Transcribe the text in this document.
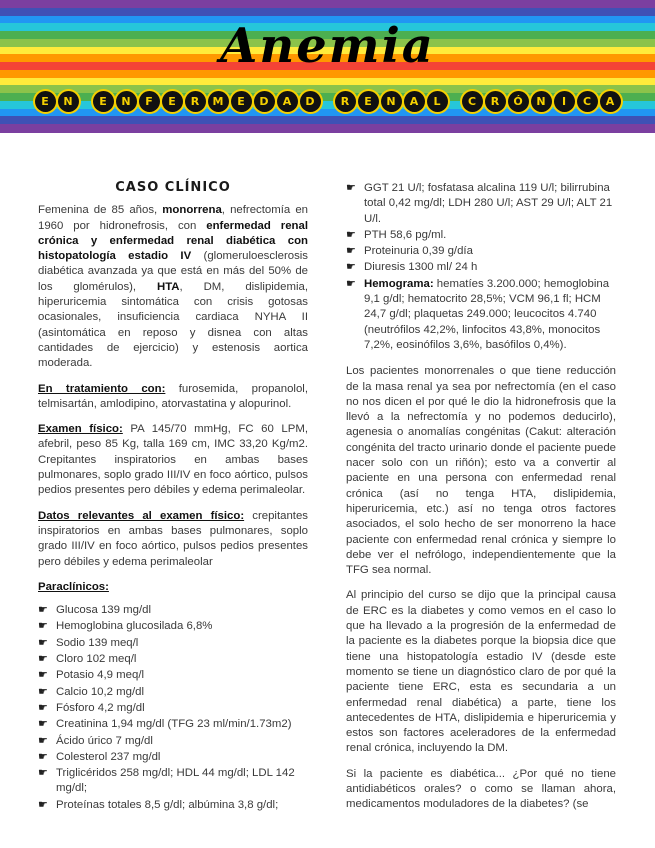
Anemia
E	N	E	N	F	E	R	M	E	D	A	D	R	E	N	A	L	C	R	Ó	N	I	C	A
CASO CLÍNICO

Femenina de 85 años, monorrena, nefrectomía en 1960 por hidronefrosis, con enfermedad renal crónica y enfermedad renal diabética con histopatología estadio IV (glomeruloesclerosis diabética avanzada ya que está en más del 50% de los glomérulos), HTA, DM, dislipidemia, hiperuricemia sintomática con crisis gotosas ocasionales, insuficiencia cardiaca NYHA II (asintomática en reposo y disnea con altas cantidades de ejercicio) y estenosis aortica moderada.

En tratamiento con: furosemida, propanolol, telmisartán, amlodipino, atorvastatina y alopurinol.

Examen físico: PA 145/70 mmHg, FC 60 LPM, afebril, peso 85 Kg, talla 169 cm, IMC 33,20 Kg/m2. Crepitantes inspiratorios en ambas bases pulmonares, soplo grado III/IV en foco aórtico, pulsos pedios presentes pero débiles y edema perimaleolar.

Datos relevantes al examen físico: crepitantes inspiratorios en ambas bases pulmonares, soplo grado III/IV en foco aórtico, pulsos pedios presentes pero débiles y edema perimaleolar

Paraclínicos:
☛ Glucosa 139 mg/dl
☛ Hemoglobina glucosilada 6,8%
☛ Sodio 139 meq/l
☛ Cloro 102 meq/l
☛ Potasio 4,9 meq/l
☛ Calcio 10,2 mg/dl
☛ Fósforo 4,2 mg/dl
☛ Creatinina 1,94 mg/dl (TFG 23 ml/min/1.73m2)
☛ Ácido úrico 7 mg/dl
☛ Colesterol 237 mg/dl
☛ Triglicéridos 258 mg/dl; HDL 44 mg/dl; LDL 142 mg/dl;
☛ Proteínas totales 8,5 g/dl; albúmina 3,8 g/dl;
☛ GGT 21 U/l; fosfatasa alcalina 119 U/l; bilirrubina total 0,42 mg/dl; LDH 280 U/l; AST 29 U/l; ALT 21 U/l.
☛ PTH 58,6 pg/ml.
☛ Proteinuria 0,39 g/día
☛ Diuresis 1300 ml/ 24 h
☛ Hemograma: hematíes 3.200.000; hemoglobina 9,1 g/dl; hematocrito 28,5%; VCM 96,1 fl; HCM 24,7 g/dl; plaquetas 249.000; leucocitos 4.740 (neutrófilos 42,2%, linfocitos 43,8%, monocitos 7,2%, eosinófilos 3,6%, basófilos 0,4%).

Los pacientes monorrenales o que tiene reducción de la masa renal ya sea por nefrectomía (en el caso no nos dicen el por qué le dio la hidronefrosis que la llevó a la nefrectomía y no podemos deducirlo), agenesia o anomalías congénitas (Cakut: alteración congénita del tracto urinario donde el paciente puede nacer solo con un riñón); esto va a convertir al paciente en una persona con enfermedad renal crónica (así no tenga HTA, dislipidemia, hiperuricemia, etc.) así no tenga otros factores asociados, el solo hecho de ser monorreno la hace paciente con enfermedad renal crónica y siempre lo debe ver el nefrólogo, independientemente que la TFG sea normal.

Al principio del curso se dijo que la principal causa de ERC es la diabetes y como vemos en el caso lo que ha llevado a la progresión de la enfermedad de la paciente es la diabetes porque la biopsia dice que tiene una histopatología estadio IV (desde este momento se tiene un diagnóstico claro de por qué la paciente tiene ERC, esta es secundaria a un enfermedad renal diabética) a parte, tiene los antecedentes de HTA, dislipidemia e hiperuricemia y estos son factores aceleradores de la enfermedad renal crónica, incluyendo la DM.

Si la paciente es diabética... ¿Por qué no tiene antidiabéticos orales? o como se llaman ahora, medicamentos moduladores de la diabetes? (se
